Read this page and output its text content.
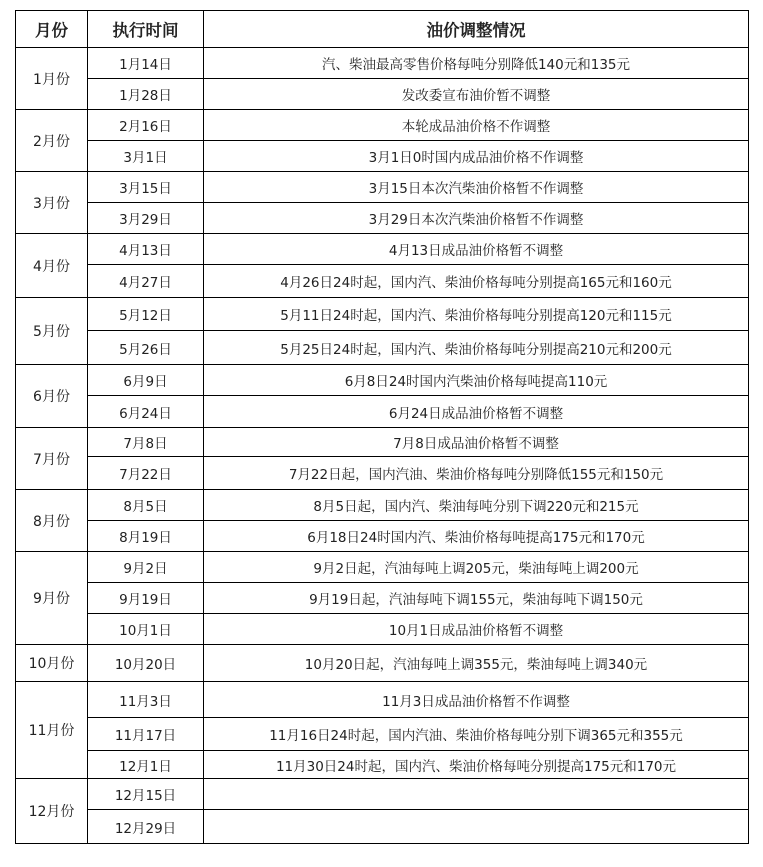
月份	执行时间	油价调整情况
1月份	1月14日	汽、柴油最高零售价格每吨分别降低140元和135元
	1月28日	发改委宣布油价暂不调整
2月份	2月16日	本轮成品油价格不作调整
	3月1日	3月1日0时国内成品油价格不作调整
3月份	3月15日	3月15日本次汽柴油价格暂不作调整
	3月29日	3月29日本次汽柴油价格暂不作调整
4月份	4月13日	4月13日成品油价格暂不调整
	4月27日	4月26日24时起，国内汽、柴油价格每吨分别提高165元和160元
5月份	5月12日	5月11日24时起，国内汽、柴油价格每吨分别提高120元和115元
	5月26日	5月25日24时起，国内汽、柴油价格每吨分别提高210元和200元
6月份	6月9日	6月8日24时国内汽柴油价格每吨提高110元
	6月24日	6月24日成品油价格暂不调整
7月份	7月8日	7月8日成品油价格暂不调整
	7月22日	7月22日起，国内汽油、柴油价格每吨分别降低155元和150元
8月份	8月5日	8月5日起，国内汽、柴油每吨分别下调220元和215元
	8月19日	6月18日24时国内汽、柴油价格每吨提高175元和170元
9月份	9月2日	9月2日起，汽油每吨上调205元，柴油每吨上调200元
	9月19日	9月19日起，汽油每吨下调155元，柴油每吨下调150元
	10月1日	10月1日成品油价格暂不调整
10月份	10月20日	10月20日起，汽油每吨上调355元，柴油每吨上调340元
11月份	11月3日	11月3日成品油价格暂不作调整
	11月17日	11月16日24时起，国内汽油、柴油价格每吨分别下调365元和355元
	12月1日	11月30日24时起，国内汽、柴油价格每吨分别提高175元和170元
12月份	12月15日	
	12月29日	
